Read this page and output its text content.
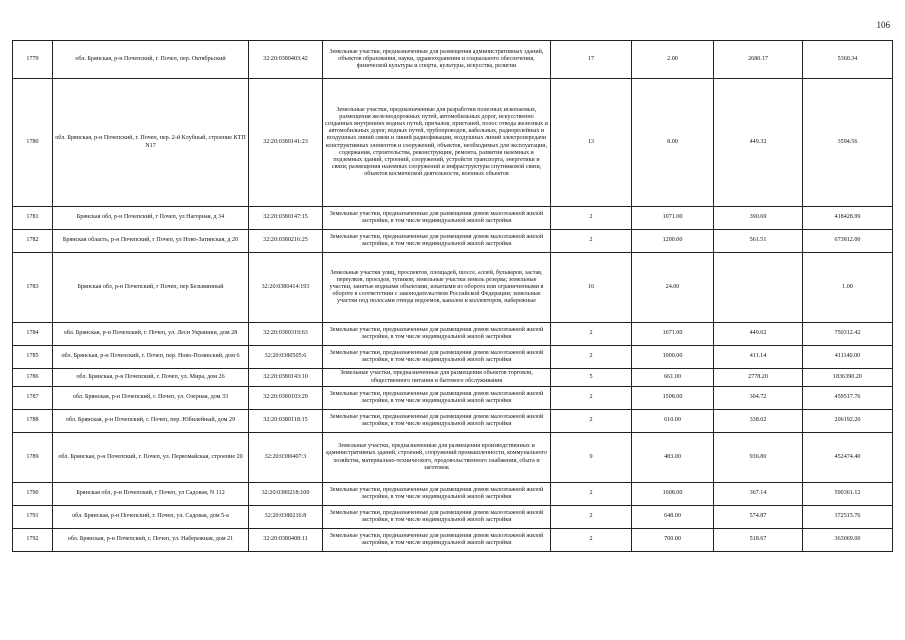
106
1779	обл. Брянская, р-н Почепский, г. Почеп, пер. Октябрьский	32:20:0380403:42	Земельные участки, предназначенные для размещения административных зданий, объектов образования, науки, здравоохранения и социального обеспечения, физической культуры и спорта, культуры, искусства, религии	17	2.00	2680.17	5360.34
1780	обл. Брянская, р-н Почепский, г. Почеп, пер. 2-й Клубный, строение КТП N17	32:20:0380141:23	Земельные участки, предназначенные для разработки полезных ископаемых, размещения железнодорожных путей, автомобильных дорог, искусственно созданных внутренних водных путей, причалов, пристаней, полос отвода железных и автомобильных дорог, водных путей, трубопроводов, кабельных, радиорелейных и воздушных линий связи и линий радиофикации, воздушных линий электропередачи конструктивных элементов и сооружений, объектов, необходимых для эксплуатации, содержания, строительства, реконструкции, ремонта, развития наземных и подземных зданий, строений, сооружений, устройств транспорта, энергетики и связи; размещения наземных сооружений и инфраструктуры спутниковой связи, объектов космической деятельности, военных объектов	13	8.00	449.32	3594.56
1781	Брянская обл, р-н Почепский, г Почеп, ул Нагорная, д 34	32:20:0380147:15	Земельные участки, предназначенные для размещения домов малоэтажной жилой застройки, в том числе индивидуальной жилой застройки	2	1071.00	390.69	418428.99
1782	Брянская область, р-н Почепский, г Почеп, ул Ново-Затинская, д 20	32:20:0380216:25	Земельные участки, предназначенные для размещения домов малоэтажной жилой застройки, в том числе индивидуальной жилой застройки	2	1200.00	561.51	673812.00
1783	Брянская обл, р-н Почепский, г Почеп, пер Безымянный	32:20:0380414:193	Земельные участки улиц, проспектов, площадей, шоссе, аллей, бульваров, застав, переулков, проездов, тупиков; земельные участки земель резерва; земельные участки, занятые водными объектами, изъятыми из оборота или ограниченными в обороте в соответствии с законодательством Российской Федерации; земельные участки под полосами отвода водоемов, каналов и коллекторов, набережные	16	24.00		1.00
1784	обл. Брянская, р-н Почепский, г. Почеп, ул. Леси Украинки, дом 28	32:20:0380319:63	Земельные участки, предназначенные для размещения домов малоэтажной жилой застройки, в том числе индивидуальной жилой застройки	2	1671.00	449.02	750312.42
1785	обл. Брянская, р-н Почепский, г. Почеп, пер. Ново-Полянский, дом 6	32:20:0380505:6	Земельные участки, предназначенные для размещения домов малоэтажной жилой застройки, в том числе индивидуальной жилой застройки	2	1000.00	411.14	411140.00
1786	обл. Брянская, р-н Почепский, г. Почеп, ул. Мира, дом 26	32:20:0380143:10	Земельные участки, предназначенные для размещения объектов торговли, общественного питания и бытового обслуживания	5	661.00	2778.20	1836390.20
1787	обл. Брянская, р-н Почепский, г. Почеп, ул. Озерная, дом 33	32:20:0380103:29	Земельные участки, предназначенные для размещения домов малоэтажной жилой застройки, в том числе индивидуальной жилой застройки	2	1508.00	304.72	459517.76
1788	обл. Брянская, р-н Почепский, г. Почеп, пер. Юбилейный, дом 29	32:20:0380118:15	Земельные участки, предназначенные для размещения домов малоэтажной жилой застройки, в том числе индивидуальной жилой застройки	2	610.00	338.02	206192.20
1789	обл. Брянская, р-н Почепский, г. Почеп, ул. Первомайская, строение 20	32:20:0380407:3	Земельные участки, предназначенные для размещения производственных и административных зданий, строений, сооружений промышленности, коммунального хозяйства, материально-технического, продовольственного снабжения, сбыта и заготовок	9	483.00	936.80	452474.40
1790	Брянская обл, р-н Почепский, г Почеп, ул Садовая, N 112	32:20:0380218:100	Земельные участки, предназначенные для размещения домов малоэтажной жилой застройки, в том числе индивидуальной жилой застройки	2	1608.00	367.14	590361.12
1791	обл. Брянская, р-н Почепский, г. Почеп, ул. Садовая, дом 5-а	32:20:0380216:8	Земельные участки, предназначенные для размещения домов малоэтажной жилой застройки, в том числе индивидуальной жилой застройки	2	648.00	574.87	372515.76
1792	обл. Брянская, р-н Почепский, г. Почеп, ул. Набережная, дом 21	32:20:0380408:11	Земельные участки, предназначенные для размещения домов малоэтажной жилой застройки, в том числе индивидуальной жилой застройки	2	700.00	518.67	363069.00
